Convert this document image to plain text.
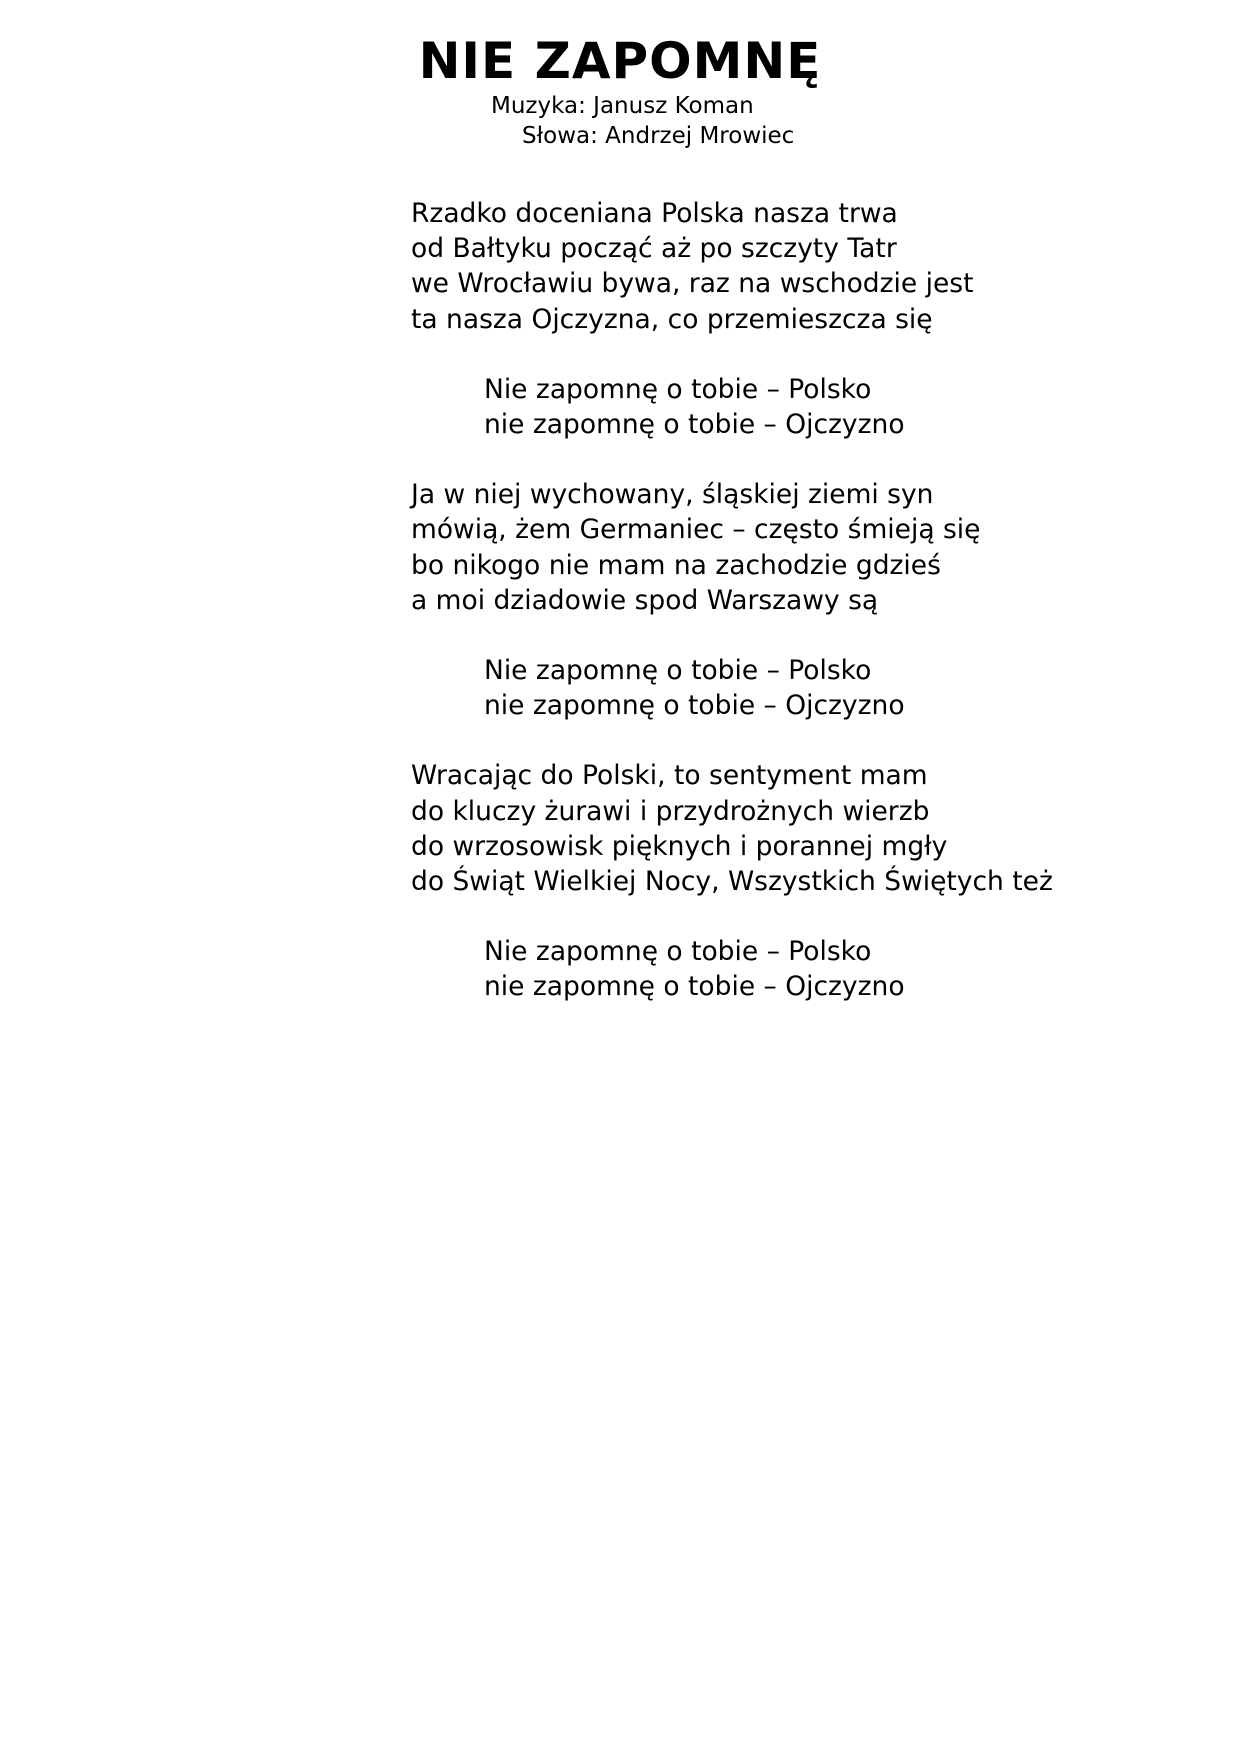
NIE ZAPOMNĘ
Muzyka: Janusz Koman
Słowa: Andrzej Mrowiec
Rzadko doceniana Polska nasza trwa
od Bałtyku począć aż po szczyty Tatr
we Wrocławiu bywa, raz na wschodzie jest
ta nasza Ojczyzna, co przemieszcza się
Nie zapomnę o tobie – Polsko
nie zapomnę o tobie – Ojczyzno
Ja w niej wychowany, śląskiej ziemi syn
mówią, żem Germaniec – często śmieją się
bo nikogo nie mam na zachodzie gdzieś
a moi dziadowie spod Warszawy są
Nie zapomnę o tobie – Polsko
nie zapomnę o tobie – Ojczyzno
Wracając do Polski, to sentyment mam
do kluczy żurawi i przydrożnych wierzb
do wrzosowisk pięknych i porannej mgły
do Świąt Wielkiej Nocy, Wszystkich Świętych też
Nie zapomnę o tobie – Polsko
nie zapomnę o tobie – Ojczyzno
